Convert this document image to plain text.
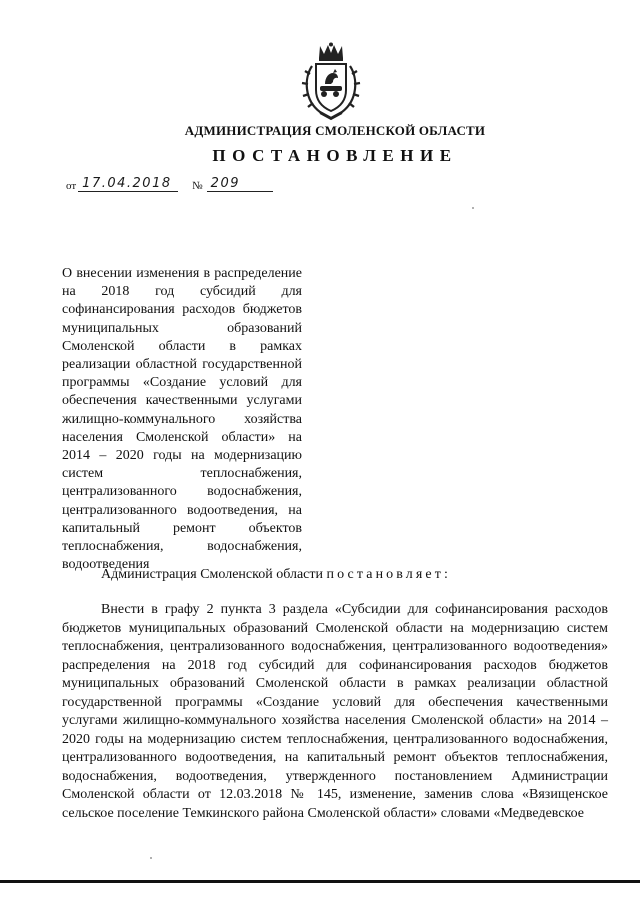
АДМИНИСТРАЦИЯ СМОЛЕНСКОЙ ОБЛАСТИ
ПОСТАНОВЛЕНИЕ
от 17.04.2018	№ 209
О внесении изменения в распределение на 2018 год субсидий для софинансирования расходов бюджетов муниципальных образований Смоленской области в рамках реализации областной государственной программы «Создание условий для обеспечения качественными услугами жилищно-коммунального хозяйства населения Смоленской области» на 2014 – 2020 годы на модернизацию систем теплоснабжения, централизованного водоснабжения, централизованного водоотведения, на капитальный ремонт объектов теплоснабжения, водоснабжения, водоотведения
Администрация Смоленской области постановляет:
Внести в графу 2 пункта 3 раздела «Субсидии для софинансирования расходов бюджетов муниципальных образований Смоленской области на модернизацию систем теплоснабжения, централизованного водоснабжения, централизованного водоотведения» распределения на 2018 год субсидий для софинансирования расходов бюджетов муниципальных образований Смоленской области в рамках реализации областной государственной программы «Создание условий для обеспечения качественными услугами жилищно-коммунального хозяйства населения Смоленской области» на 2014 – 2020 годы на модернизацию систем теплоснабжения, централизованного водоснабжения, централизованного водоотведения, на капитальный ремонт объектов теплоснабжения, водоснабжения, водоотведения, утвержденного постановлением Администрации Смоленской области от 12.03.2018 № 145, изменение, заменив слова «Вязищенское сельское поселение Темкинского района Смоленской области» словами «Медведевское
